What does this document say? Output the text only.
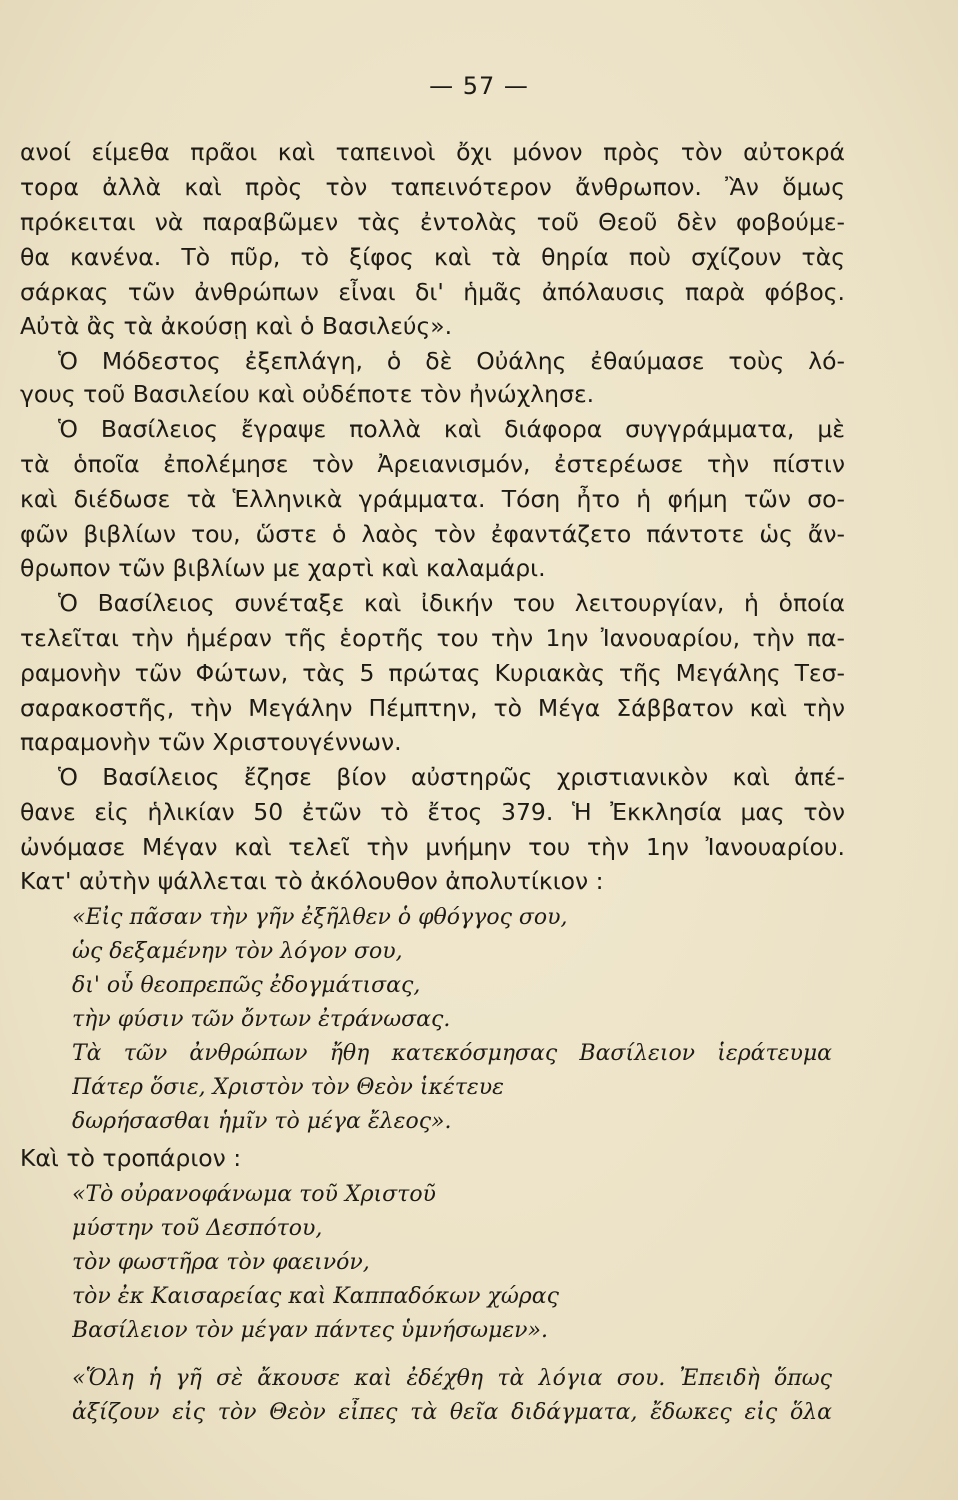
— 57 —
ανοί είμεθα πρᾶοι καὶ ταπεινοὶ ὄχι μόνον πρὸς τὸν αὐτοκρά
τορα ἀλλὰ καὶ πρὸς τὸν ταπεινότερον ἄνθρωπον. Ἂν ὅμως
πρόκειται νὰ παραβῶμεν τὰς ἐντολὰς τοῦ Θεοῦ δὲν φοβούμε-
θα κανένα. Τὸ πῦρ, τὸ ξίφος καὶ τὰ θηρία ποὺ σχίζουν τὰς
σάρκας τῶν ἀνθρώπων εἶναι δι' ἡμᾶς ἀπόλαυσις παρὰ φόβος.
Αὐτὰ ἂς τὰ ἀκούσῃ καὶ ὁ Βασιλεύς».
Ὁ Μόδεστος ἐξεπλάγη, ὁ δὲ Οὐάλης ἐθαύμασε τοὺς λό-
γους τοῦ Βασιλείου καὶ οὐδέποτε τὸν ἠνώχλησε.
Ὁ Βασίλειος ἔγραψε πολλὰ καὶ διάφορα συγγράμματα, μὲ
τὰ ὁποῖα ἐπολέμησε τὸν Ἀρειανισμόν, ἐστερέωσε τὴν πίστιν
καὶ διέδωσε τὰ Ἑλληνικὰ γράμματα. Τόση ἦτο ἡ φήμη τῶν σο-
φῶν βιβλίων του, ὥστε ὁ λαὸς τὸν ἐφαντάζετο πάντοτε ὡς ἄν-
θρωπον τῶν βιβλίων με χαρτὶ καὶ καλαμάρι.
Ὁ Βασίλειος συνέταξε καὶ ἰδικήν του λειτουργίαν, ἡ ὁποία
τελεῖται τὴν ἡμέραν τῆς ἑορτῆς του τὴν 1ην Ἰανουαρίου, τὴν πα-
ραμονὴν τῶν Φώτων, τὰς 5 πρώτας Κυριακὰς τῆς Μεγάλης Τεσ-
σαρακοστῆς, τὴν Μεγάλην Πέμπτην, τὸ Μέγα Σάββατον καὶ τὴν
παραμονὴν τῶν Χριστουγέννων.
Ὁ Βασίλειος ἔζησε βίον αὐστηρῶς χριστιανικὸν καὶ ἀπέ-
θανε εἰς ἡλικίαν 50 ἐτῶν τὸ ἔτος 379. Ἡ Ἐκκλησία μας τὸν
ὠνόμασε Μέγαν καὶ τελεῖ τὴν μνήμην του τὴν 1ην Ἰανουαρίου.
Κατ' αὐτὴν ψάλλεται τὸ ἀκόλουθον ἀπολυτίκιον :
«Εἰς πᾶσαν τὴν γῆν ἐξῆλθεν ὁ φθόγγος σου,
ὡς δεξαμένην τὸν λόγον σου,
δι' οὗ θεοπρεπῶς ἐδογμάτισας,
τὴν φύσιν τῶν ὄντων ἐτράνωσας.
Τὰ τῶν ἀνθρώπων ἤθη κατεκόσμησας Βασίλειον ἱεράτευμα
Πάτερ ὅσιε, Χριστὸν τὸν Θεὸν ἱκέτευε
δωρήσασθαι ἡμῖν τὸ μέγα ἔλεος».
Καὶ τὸ τροπάριον :
«Τὸ οὐρανοφάνωμα τοῦ Χριστοῦ
μύστην τοῦ Δεσπότου,
τὸν φωστῆρα τὸν φαεινόν,
τὸν ἐκ Καισαρείας καὶ Καππαδόκων χώρας
Βασίλειον τὸν μέγαν πάντες ὑμνήσωμεν».
«Ὅλη ἡ γῆ σὲ ἄκουσε καὶ ἐδέχθη τὰ λόγια σου. Ἐπειδὴ ὅπως
ἀξίζουν εἰς τὸν Θεὸν εἶπες τὰ θεῖα διδάγματα, ἔδωκες εἰς ὅλα
